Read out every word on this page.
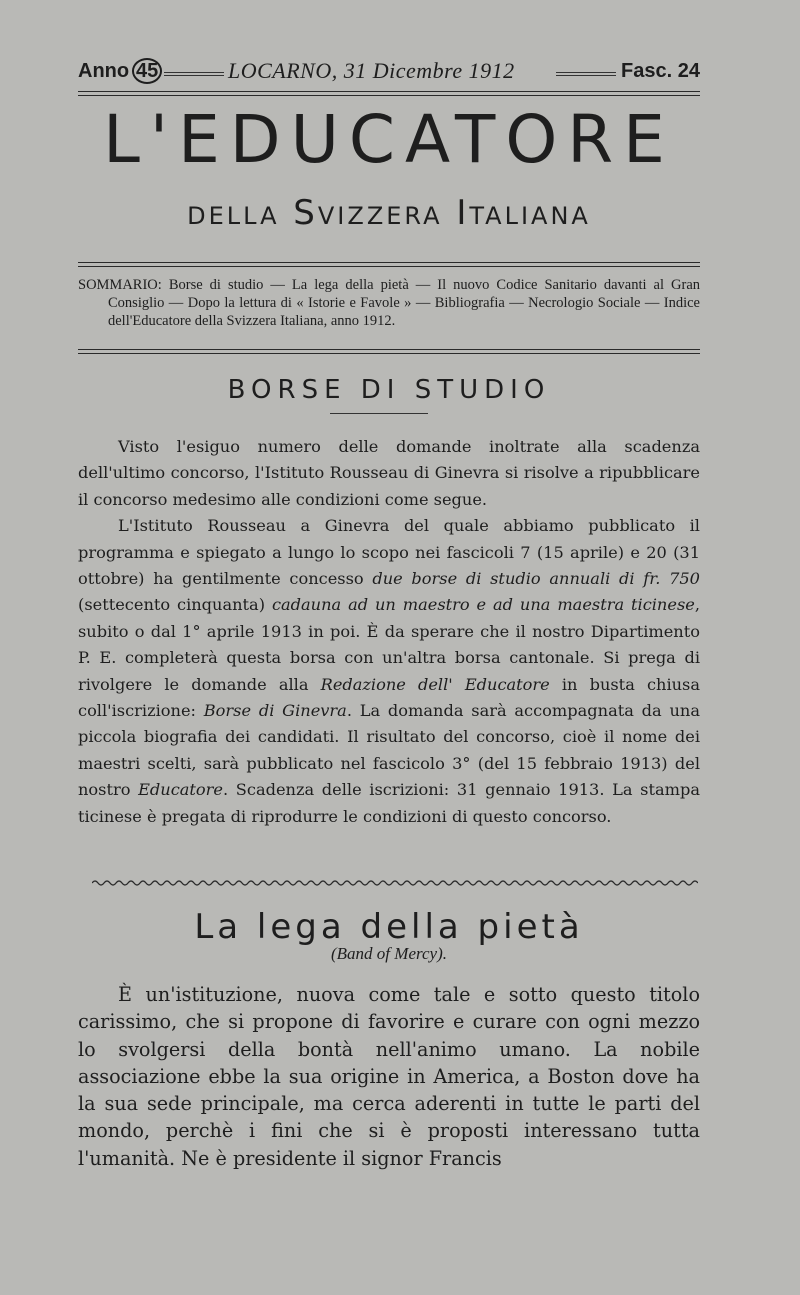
Anno 45	LOCARNO, 31 Dicembre 1912	Fasc. 24
L'EDUCATORE
della Svizzera Italiana
SOMMARIO: Borse di studio — La lega della pietà — Il nuovo Codice Sanitario davanti al Gran Consiglio — Dopo la lettura di « Istorie e Favole » — Bibliografia — Necrologio Sociale — Indice dell'Educatore della Svizzera Italiana, anno 1912.
BORSE DI STUDIO

Visto l'esiguo numero delle domande inoltrate alla scadenza dell'ultimo concorso, l'Istituto Rousseau di Ginevra si risolve a ripubblicare il concorso medesimo alle condizioni come segue.

L'Istituto Rousseau a Ginevra del quale abbiamo pubblicato il programma e spiegato a lungo lo scopo nei fascicoli 7 (15 aprile) e 20 (31 ottobre) ha gentilmente concesso due borse di studio annuali di fr. 750 (settecento cinquanta) cadauna ad un maestro e ad una maestra ticinese, subito o dal 1° aprile 1913 in poi. È da sperare che il nostro Dipartimento P. E. completerà questa borsa con un'altra borsa cantonale. Si prega di rivolgere le domande alla Redazione dell' Educatore in busta chiusa coll'iscrizione: Borse di Ginevra. La domanda sarà accompagnata da una piccola biografia dei candidati. Il risultato del concorso, cioè il nome dei maestri scelti, sarà pubblicato nel fascicolo 3° (del 15 febbraio 1913) del nostro Educatore. Scadenza delle iscrizioni: 31 gennaio 1913. La stampa ticinese è pregata di riprodurre le condizioni di questo concorso.

La lega della pietà
(Band of Mercy).

È un'istituzione, nuova come tale e sotto questo titolo carissimo, che si propone di favorire e curare con ogni mezzo lo svolgersi della bontà nell'animo umano. La nobile associazione ebbe la sua origine in America, a Boston dove ha la sua sede principale, ma cerca aderenti in tutte le parti del mondo, perchè i fini che si è proposti interessano tutta l'umanità. Ne è presidente il signor Francis
